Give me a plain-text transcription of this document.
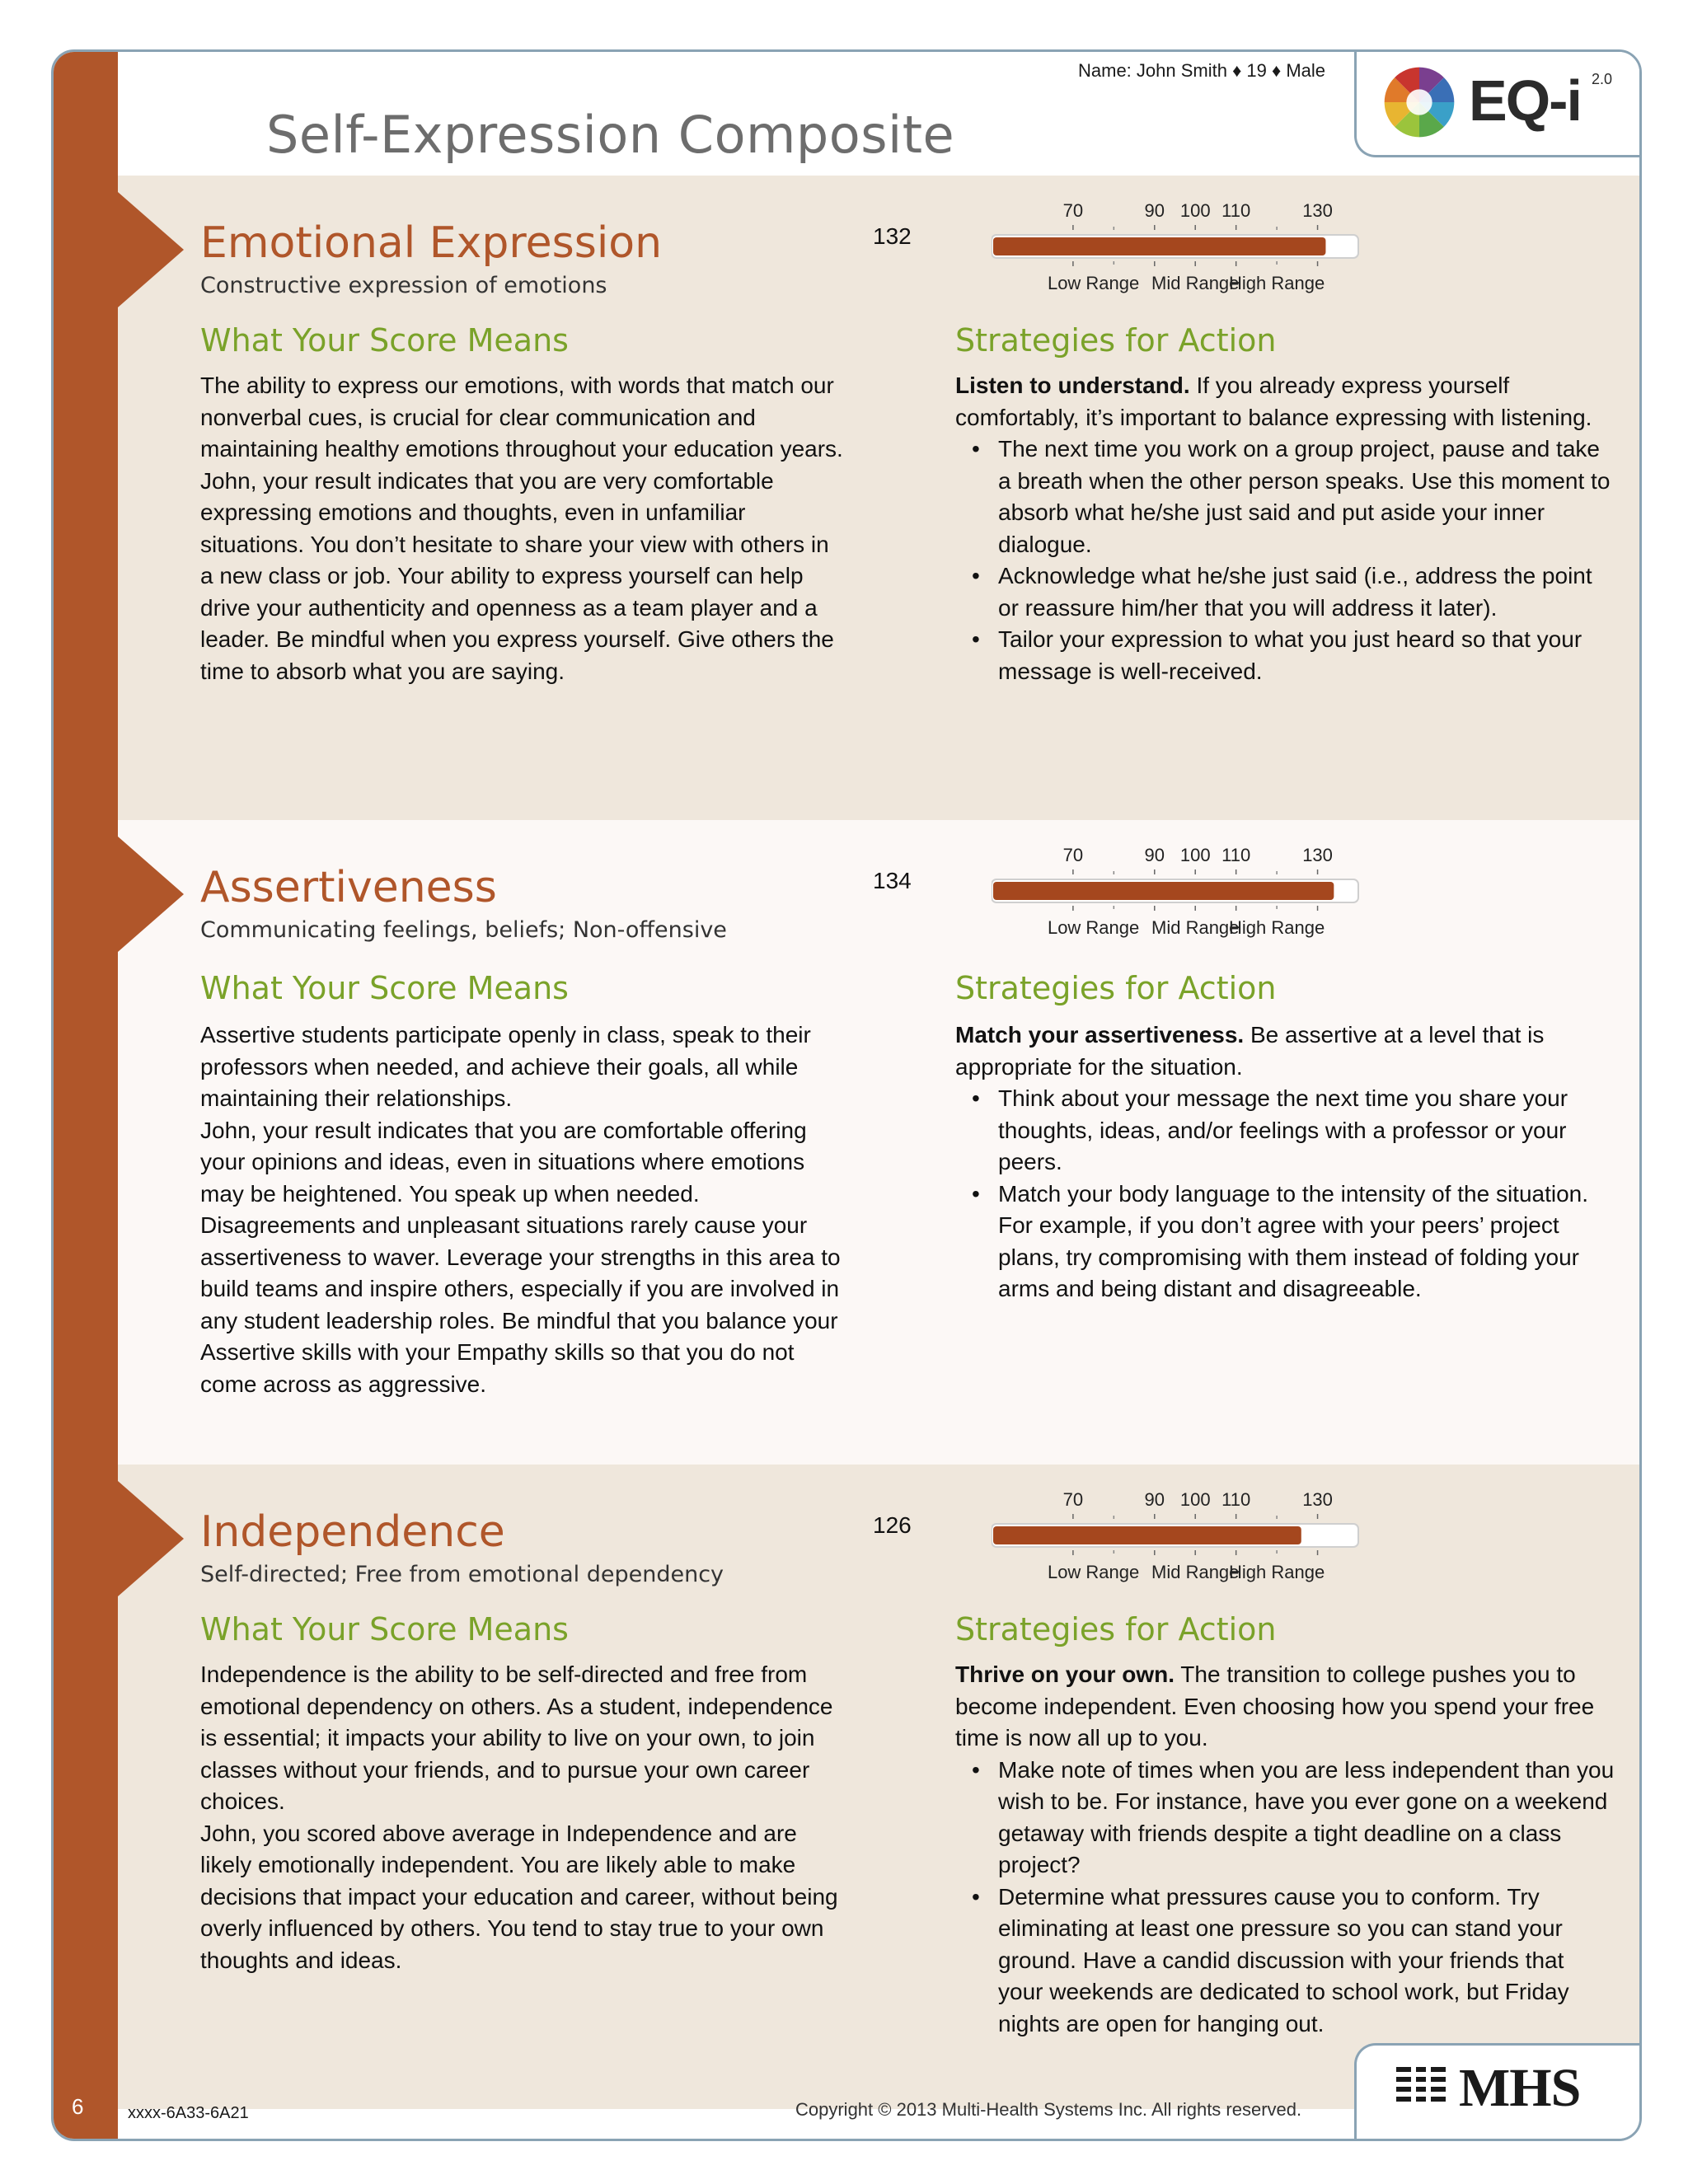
Self-Expression Composite
Name: John Smith ♦ 19 ♦ Male EQ-i 2.0
Emotional Expression
Constructive expression of emotions
132
70	90 100 110	130
Low Range Mid Range
High Range
What Your Score Means

The ability to express our emotions, with words that match our nonverbal cues, is crucial for clear communication and maintaining healthy emotions throughout your education years.

John, your result indicates that you are very comfortable expressing emotions and thoughts, even in unfamiliar situations. You don’t hesitate to share your view with others in a new class or job. Your ability to express yourself can help drive your authenticity and openness as a team player and a leader. Be mindful when you express yourself. Give others the time to absorb what you are saying.

Strategies for Action

Listen to understand. If you already express yourself comfortably, it’s important to balance expressing with listening.

• The next time you work on a group project, pause and take a breath when the other person speaks. Use this moment to absorb what he/she just said and put aside your inner dialogue.
• Acknowledge what he/she just said (i.e., address the point or reassure him/her that you will address it later).
• Tailor your expression to what you just heard so that your message is well-received.
Assertiveness
Communicating feelings, beliefs; Non-offensive
134
70	90 100 110	130
Low Range Mid Range
High Range
What Your Score Means

Assertive students participate openly in class, speak to their professors when needed, and achieve their goals, all while maintaining their relationships.

John, your result indicates that you are comfortable offering your opinions and ideas, even in situations where emotions may be heightened. You speak up when needed. Disagreements and unpleasant situations rarely cause your assertiveness to waver. Leverage your strengths in this area to build teams and inspire others, especially if you are involved in any student leadership roles. Be mindful that you balance your Assertive skills with your Empathy skills so that you do not come across as aggressive.

Strategies for Action

Match your assertiveness. Be assertive at a level that is appropriate for the situation.

• Think about your message the next time you share your thoughts, ideas, and/or feelings with a professor or your peers.
• Match your body language to the intensity of the situation. For example, if you don’t agree with your peers’ project plans, try compromising with them instead of folding your arms and being distant and disagreeable.
Independence
Self-directed; Free from emotional dependency
126
70	90 100 110	130
Low Range Mid Range
High Range
What Your Score Means

Independence is the ability to be self-directed and free from emotional dependency on others. As a student, independence is essential; it impacts your ability to live on your own, to join classes without your friends, and to pursue your own career choices.

John, you scored above average in Independence and are likely emotionally independent. You are likely able to make decisions that impact your education and career, without being overly influenced by others. You tend to stay true to your own thoughts and ideas.

Strategies for Action

Thrive on your own. The transition to college pushes you to become independent. Even choosing how you spend your free time is now all up to you.

• Make note of times when you are less independent than you wish to be. For instance, have you ever gone on a weekend getaway with friends despite a tight deadline on a class project?
• Determine what pressures cause you to conform. Try eliminating at least one pressure so you can stand your ground. Have a candid discussion with your friends that your weekends are dedicated to school work, but Friday nights are open for hanging out.
6	xxxx-6A33-6A21	Copyright © 2013 Multi-Health Systems Inc. All rights reserved.	MHS
